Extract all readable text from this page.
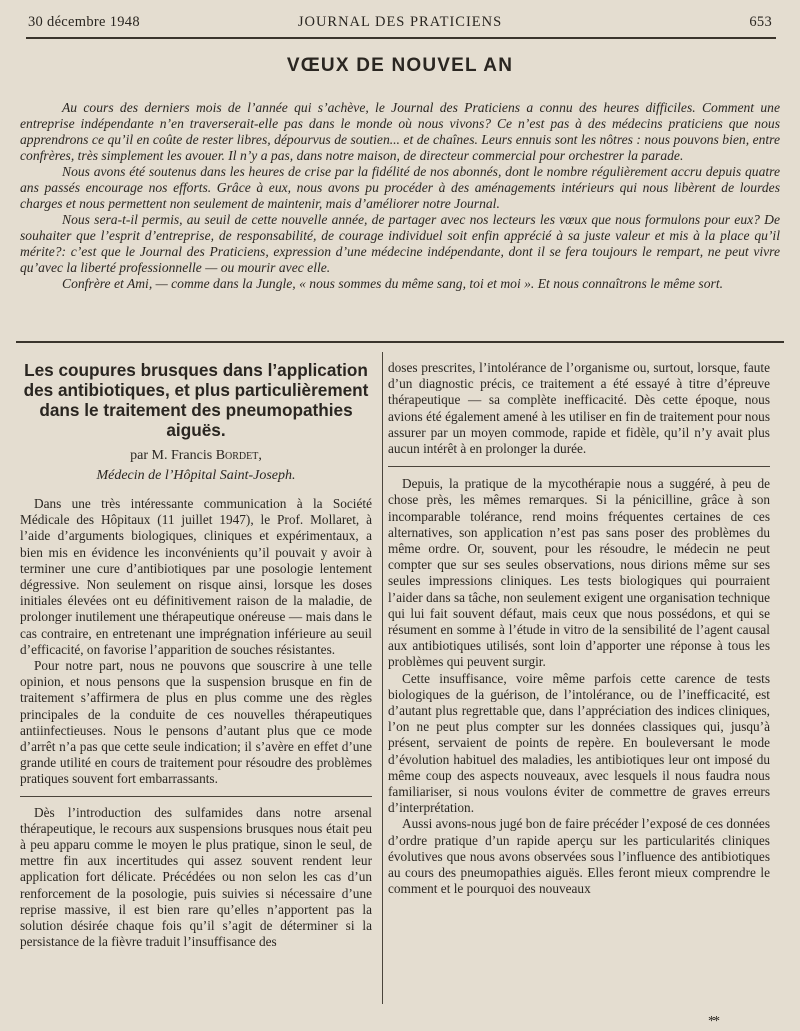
30 décembre 1948	JOURNAL DES PRATICIENS	653
VŒUX DE NOUVEL AN

Au cours des derniers mois de l’année qui s’achève, le Journal des Praticiens a connu des heures difficiles. Comment une entreprise indépendante n’en traverserait-elle pas dans le monde où nous vivons? Ce n’est pas à des médecins praticiens que nous apprendrons ce qu’il en coûte de rester libres, dépourvus de soutien... et de chaînes. Leurs ennuis sont les nôtres : nous pouvons bien, entre confrères, très simplement les avouer. Il n’y a pas, dans notre maison, de directeur commercial pour orchestrer la parade.

Nous avons été soutenus dans les heures de crise par la fidélité de nos abonnés, dont le nombre régulièrement accru depuis quatre ans passés encourage nos efforts. Grâce à eux, nous avons pu procéder à des aménagements intérieurs qui nous libèrent de lourdes charges et nous permettent non seulement de maintenir, mais d’améliorer notre Journal.

Nous sera-t-il permis, au seuil de cette nouvelle année, de partager avec nos lecteurs les vœux que nous formulons pour eux? De souhaiter que l’esprit d’entreprise, de responsabilité, de courage individuel soit enfin apprécié à sa juste valeur et mis à la place qu’il mérite?: c’est que le Journal des Praticiens, expression d’une médecine indépendante, dont il se fera toujours le rempart, ne peut vivre qu’avec la liberté professionnelle — ou mourir avec elle.

Confrère et Ami, — comme dans la Jungle, « nous sommes du même sang, toi et moi ». Et nous connaîtrons le même sort.

Les coupures brusques dans l’application des antibiotiques, et plus particulièrement dans le traitement des pneumopathies aiguës.
par M. Francis Bordet,
Médecin de l’Hôpital Saint-Joseph.

Dans une très intéressante communication à la Société Médicale des Hôpitaux (11 juillet 1947), le Prof. Mollaret, à l’aide d’arguments biologiques, cliniques et expérimentaux, a bien mis en évidence les inconvénients qu’il pouvait y avoir à terminer une cure d’antibiotiques par une posologie lentement dégressive. Non seulement on risque ainsi, lorsque les doses initiales élevées ont eu définitivement raison de la maladie, de prolonger inutilement une thérapeutique onéreuse — mais dans le cas contraire, en entretenant une imprégnation inférieure au seuil d’efficacité, on favorise l’apparition de souches résistantes.

Pour notre part, nous ne pouvons que souscrire à une telle opinion, et nous pensons que la suspension brusque en fin de traitement s’affirmera de plus en plus comme une des règles principales de la conduite de ces nouvelles thérapeutiques antiinfectieuses. Nous le pensons d’autant plus que ce mode d’arrêt n’a pas que cette seule indication; il s’avère en effet d’une grande utilité en cours de traitement pour résoudre des problèmes pratiques souvent fort embarrassants.

Dès l’introduction des sulfamides dans notre arsenal thérapeutique, le recours aux suspensions brusques nous était peu à peu apparu comme le moyen le plus pratique, sinon le seul, de mettre fin aux incertitudes qui assez souvent rendent leur application fort délicate. Précédées ou non selon les cas d’un renforcement de la posologie, puis suivies si nécessaire d’une reprise massive, il est bien rare qu’elles n’apportent pas la solution désirée chaque fois qu’il s’agit de déterminer si la persistance de la fièvre traduit l’insuffisance des

doses prescrites, l’intolérance de l’organisme ou, surtout, lorsque, faute d’un diagnostic précis, ce traitement a été essayé à titre d’épreuve thérapeutique — sa complète inefficacité. Dès cette époque, nous avions été également amené à les utiliser en fin de traitement pour nous assurer par un moyen commode, rapide et fidèle, qu’il n’y avait plus aucun intérêt à en prolonger la durée.

Depuis, la pratique de la mycothérapie nous a suggéré, à peu de chose près, les mêmes remarques. Si la pénicilline, grâce à son incomparable tolérance, rend moins fréquentes certaines de ces alternatives, son application n’est pas sans poser des problèmes du même ordre. Or, souvent, pour les résoudre, le médecin ne peut compter que sur ses seules observations, nous dirions même sur ses seules impressions cliniques. Les tests biologiques qui pourraient l’aider dans sa tâche, non seulement exigent une organisation technique qui lui fait souvent défaut, mais ceux que nous possédons, et qui se résument en somme à l’étude in vitro de la sensibilité de l’agent causal aux antibiotiques utilisés, sont loin d’apporter une réponse à tous les problèmes qui peuvent surgir.

Cette insuffisance, voire même parfois cette carence de tests biologiques de la guérison, de l’intolérance, ou de l’inefficacité, est d’autant plus regrettable que, dans l’appréciation des indices cliniques, l’on ne peut plus compter sur les données classiques qui, jusqu’à présent, servaient de points de repère. En bouleversant le mode d’évolution habituel des maladies, les antibiotiques leur ont imposé du même coup des aspects nouveaux, avec lesquels il nous faudra nous familiariser, si nous voulons éviter de commettre de graves erreurs d’interprétation.

Aussi avons-nous jugé bon de faire précéder l’exposé de ces données d’ordre pratique d’un rapide aperçu sur les particularités cliniques évolutives que nous avons observées sous l’influence des antibiotiques au cours des pneumopathies aiguës. Elles feront mieux comprendre le comment et le pourquoi des nouveaux

**
